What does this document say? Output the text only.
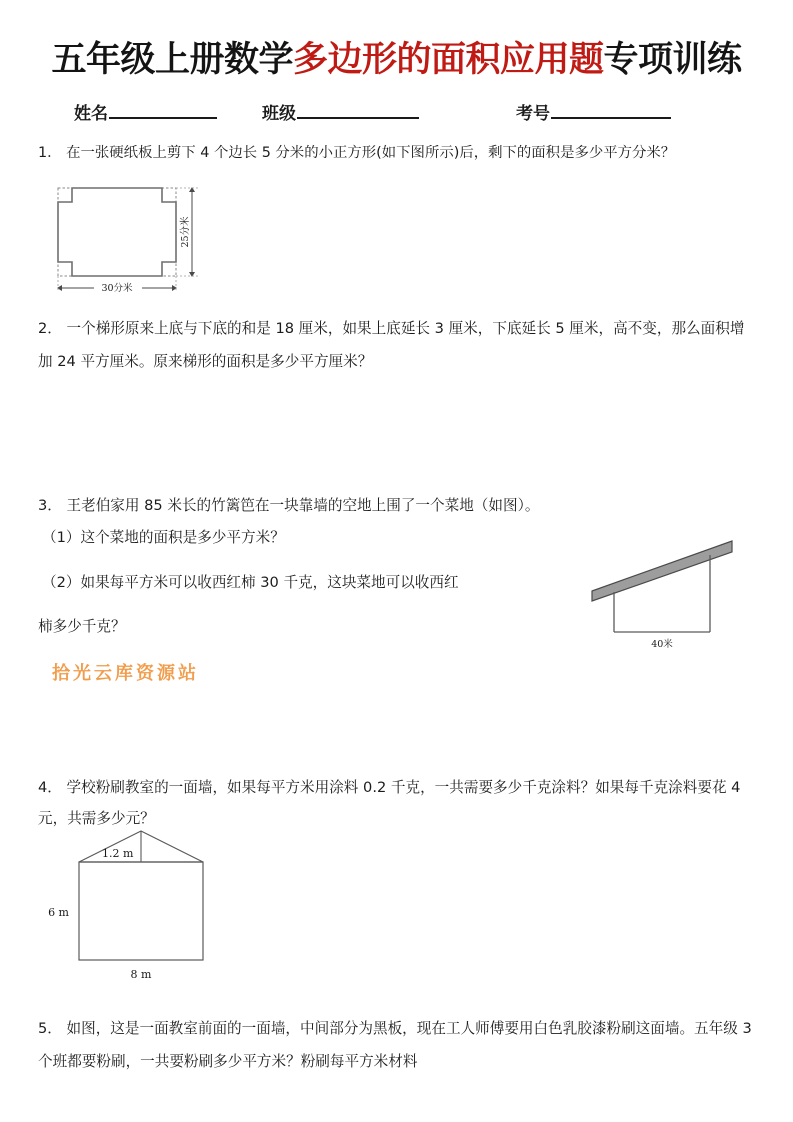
五年级上册数学多边形的面积应用题专项训练
姓名	班级	考号
1． 在一张硬纸板上剪下 4 个边长 5 分米的小正方形(如下图所示)后，剩下的面积是多少平方分米？
25分米
30分米
2． 一个梯形原来上底与下底的和是 18 厘米，如果上底延长 3 厘米，下底延长 5 厘米，高不变，那么面积增加 24 平方厘米。原来梯形的面积是多少平方厘米？
3． 王老伯家用 85 米长的竹篱笆在一块靠墙的空地上围了一个菜地（如图）。
（1）这个菜地的面积是多少平方米？
（2）如果每平方米可以收西红柿 30 千克，这块菜地可以收西红
柿多少千克？
40米
拾光云库资源站
4． 学校粉刷教室的一面墙，如果每平方米用涂料 0.2 千克，一共需要多少千克涂料？如果每千克涂料要花 4 元，共需多少元？
1.2 m
6 m
8 m
5． 如图，这是一面教室前面的一面墙，中间部分为黑板，现在工人师傅要用白色乳胶漆粉刷这面墙。五年级 3 个班都要粉刷，一共要粉刷多少平方米？粉刷每平方米材料
